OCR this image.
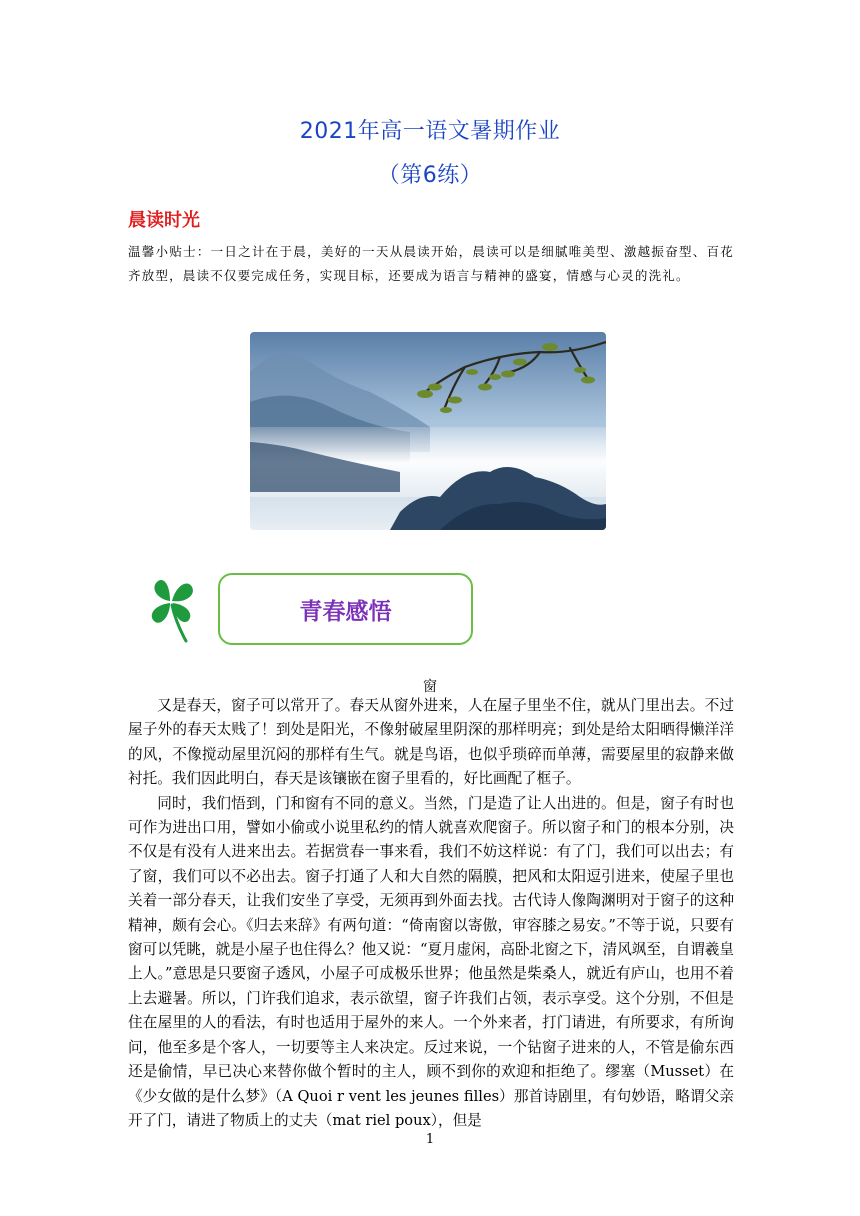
2021年高一语文暑期作业
（第6练）
晨读时光
温馨小贴士：一日之计在于晨，美好的一天从晨读开始，晨读可以是细腻唯美型、激越振奋型、百花齐放型，晨读不仅要完成任务，实现目标，还要成为语言与精神的盛宴，情感与心灵的洗礼。
青春感悟
窗

又是春天，窗子可以常开了。春天从窗外进来，人在屋子里坐不住，就从门里出去。不过屋子外的春天太贱了！到处是阳光，不像射破屋里阴深的那样明亮；到处是给太阳晒得懒洋洋的风，不像搅动屋里沉闷的那样有生气。就是鸟语，也似乎琐碎而单薄，需要屋里的寂静来做衬托。我们因此明白，春天是该镶嵌在窗子里看的，好比画配了框子。

同时，我们悟到，门和窗有不同的意义。当然，门是造了让人出进的。但是，窗子有时也可作为进出口用，譬如小偷或小说里私约的情人就喜欢爬窗子。所以窗子和门的根本分别，决不仅是有没有人进来出去。若据赏春一事来看，我们不妨这样说：有了门，我们可以出去；有了窗，我们可以不必出去。窗子打通了人和大自然的隔膜，把风和太阳逗引进来，使屋子里也关着一部分春天，让我们安坐了享受，无须再到外面去找。古代诗人像陶渊明对于窗子的这种精神，颇有会心。《归去来辞》有两句道：“倚南窗以寄傲，审容膝之易安。”不等于说，只要有窗可以凭眺，就是小屋子也住得么？他又说：“夏月虚闲，高卧北窗之下，清风飒至，自谓羲皇上人。”意思是只要窗子透风，小屋子可成极乐世界；他虽然是柴桑人，就近有庐山，也用不着上去避暑。所以，门许我们追求，表示欲望，窗子许我们占领，表示享受。这个分别，不但是住在屋里的人的看法，有时也适用于屋外的来人。一个外来者，打门请进，有所要求，有所询问，他至多是个客人，一切要等主人来决定。反过来说，一个钻窗子进来的人，不管是偷东西还是偷情，早已决心来替你做个暂时的主人，顾不到你的欢迎和拒绝了。缪塞（Musset）在《少女做的是什么梦》（A Quoi r vent les jeunes filles）那首诗剧里，有句妙语，略谓父亲开了门，请进了物质上的丈夫（mat riel poux），但是

1
